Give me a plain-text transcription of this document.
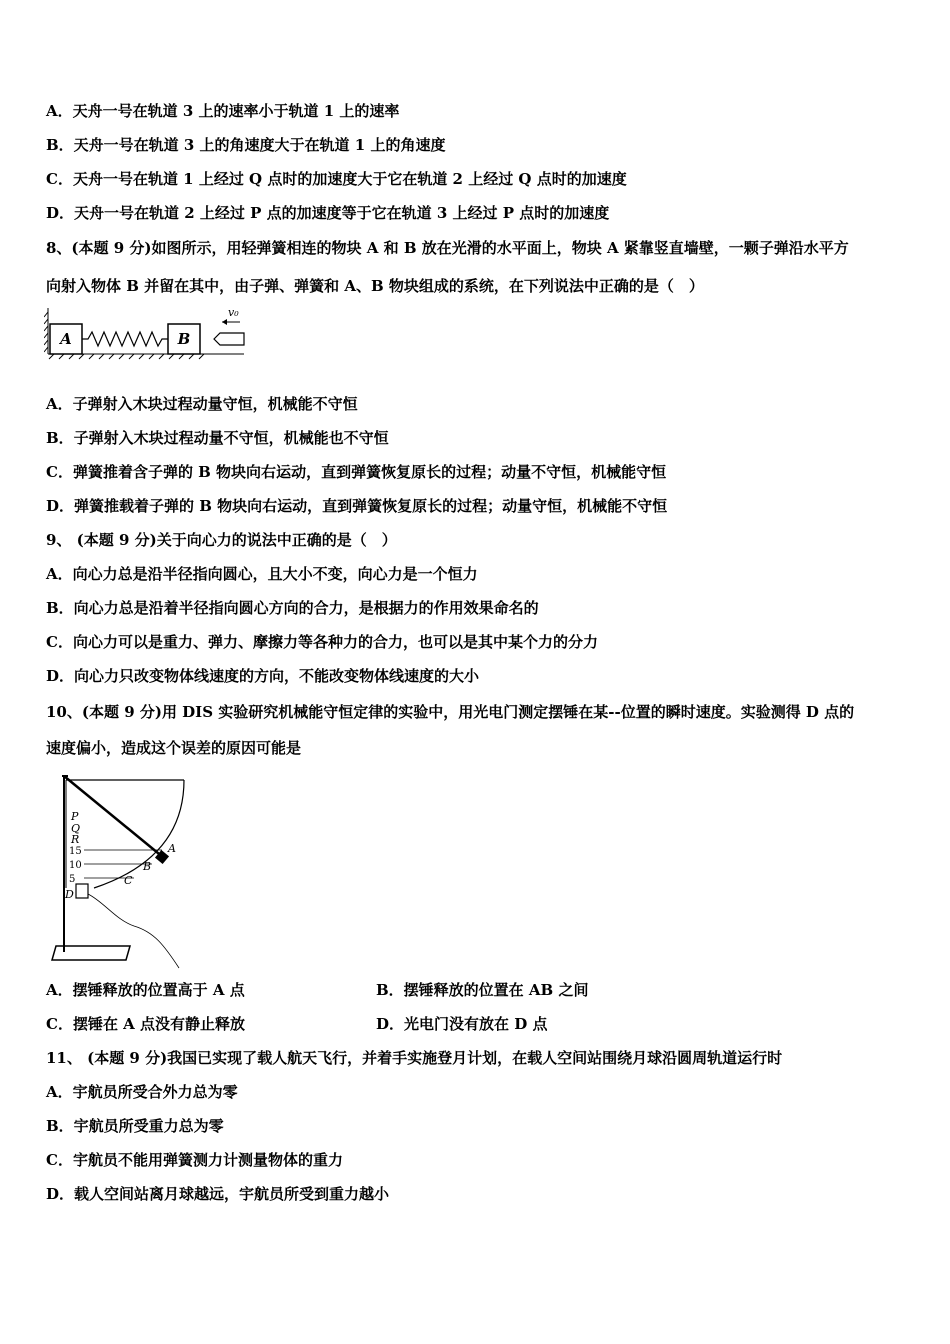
A．天舟一号在轨道 3 上的速率小于轨道 1 上的速率
B．天舟一号在轨道 3 上的角速度大于在轨道 1 上的角速度
C．天舟一号在轨道 1 上经过 Q 点时的加速度大于它在轨道 2 上经过 Q 点时的加速度
D．天舟一号在轨道 2 上经过 P 点的加速度等于它在轨道 3 上经过 P 点时的加速度
8、(本题 9 分)如图所示，用轻弹簧相连的物块 A 和 B 放在光滑的水平面上，物块 A 紧靠竖直墙壁，一颗子弹沿水平方
向射入物体 B 并留在其中，由子弹、弹簧和 A、B 物块组成的系统，在下列说法中正确的是（　）
A	B
v₀
A．子弹射入木块过程动量守恒，机械能不守恒
B．子弹射入木块过程动量不守恒，机械能也不守恒
C．弹簧推着含子弹的 B 物块向右运动，直到弹簧恢复原长的过程；动量不守恒，机械能守恒
D．弹簧推载着子弹的 B 物块向右运动，直到弹簧恢复原长的过程；动量守恒，机械能不守恒
9、 (本题 9 分)关于向心力的说法中正确的是（　）
A．向心力总是沿半径指向圆心，且大小不变，向心力是一个恒力
B．向心力总是沿着半径指向圆心方向的合力，是根据力的作用效果命名的
C．向心力可以是重力、弹力、摩擦力等各种力的合力，也可以是其中某个力的分力
D．向心力只改变物体线速度的方向，不能改变物体线速度的大小
10、(本题 9 分)用 DIS 实验研究机械能守恒定律的实验中，用光电门测定摆锤在某--位置的瞬时速度。实验测得 D 点的
速度偏小，造成这个误差的原因可能是
P
Q
R
15
10
5
A
B
C
D
A．摆锤释放的位置高于 A 点	B．摆锤释放的位置在 AB 之间
C．摆锤在 A 点没有静止释放	D．光电门没有放在 D 点
11、 (本题 9 分)我国已实现了载人航天飞行，并着手实施登月计划，在载人空间站围绕月球沿圆周轨道运行时
A．宇航员所受合外力总为零
B．宇航员所受重力总为零
C．宇航员不能用弹簧测力计测量物体的重力
D．载人空间站离月球越远，宇航员所受到重力越小
